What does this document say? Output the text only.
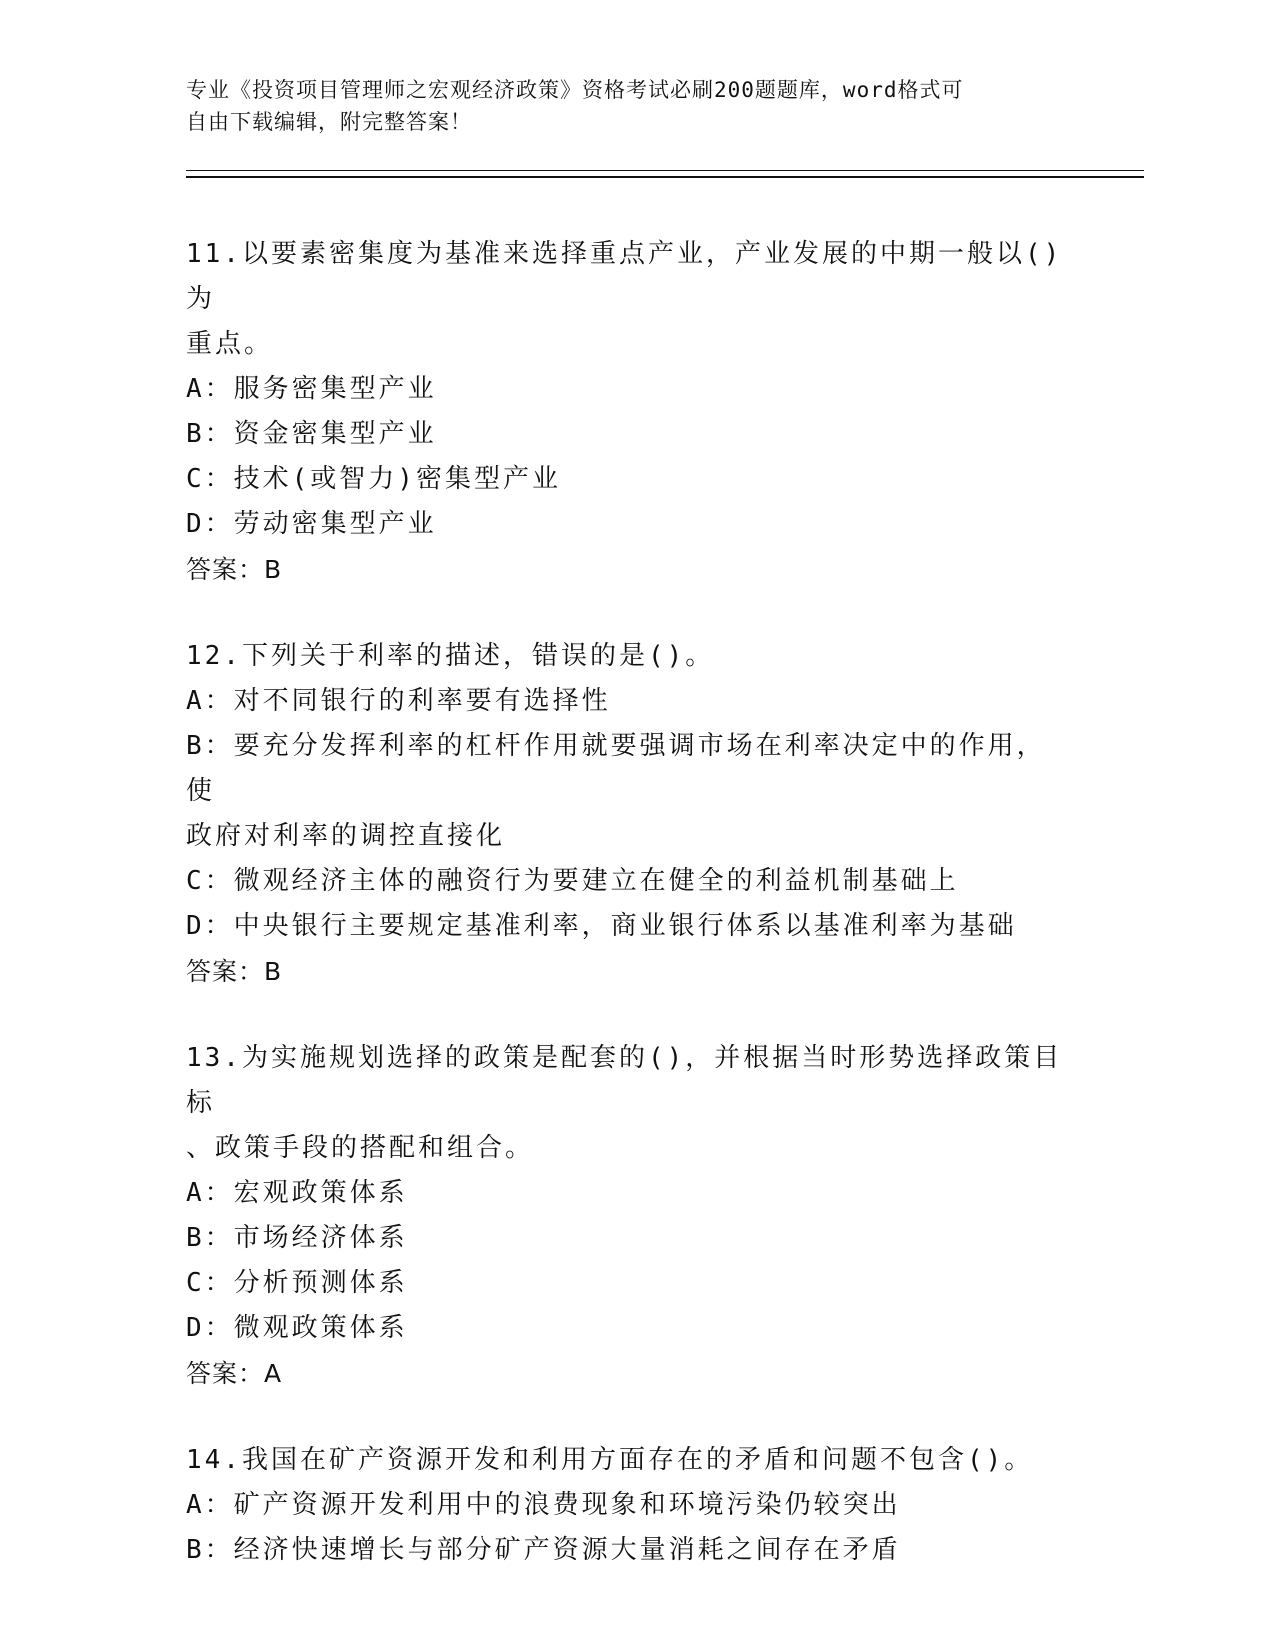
专业《投资项目管理师之宏观经济政策》资格考试必刷200题题库，word格式可
自由下载编辑，附完整答案！
11.以要素密集度为基准来选择重点产业，产业发展的中期一般以()为
重点。
A：服务密集型产业
B：资金密集型产业
C：技术(或智力)密集型产业
D：劳动密集型产业
答案：B
12.下列关于利率的描述，错误的是()。
A：对不同银行的利率要有选择性
B：要充分发挥利率的杠杆作用就要强调市场在利率决定中的作用，使
政府对利率的调控直接化
C：微观经济主体的融资行为要建立在健全的利益机制基础上
D：中央银行主要规定基准利率，商业银行体系以基准利率为基础
答案：B
13.为实施规划选择的政策是配套的()，并根据当时形势选择政策目标
、政策手段的搭配和组合。
A：宏观政策体系
B：市场经济体系
C：分析预测体系
D：微观政策体系
答案：A
14.我国在矿产资源开发和利用方面存在的矛盾和问题不包含()。
A：矿产资源开发利用中的浪费现象和环境污染仍较突出
B：经济快速增长与部分矿产资源大量消耗之间存在矛盾
